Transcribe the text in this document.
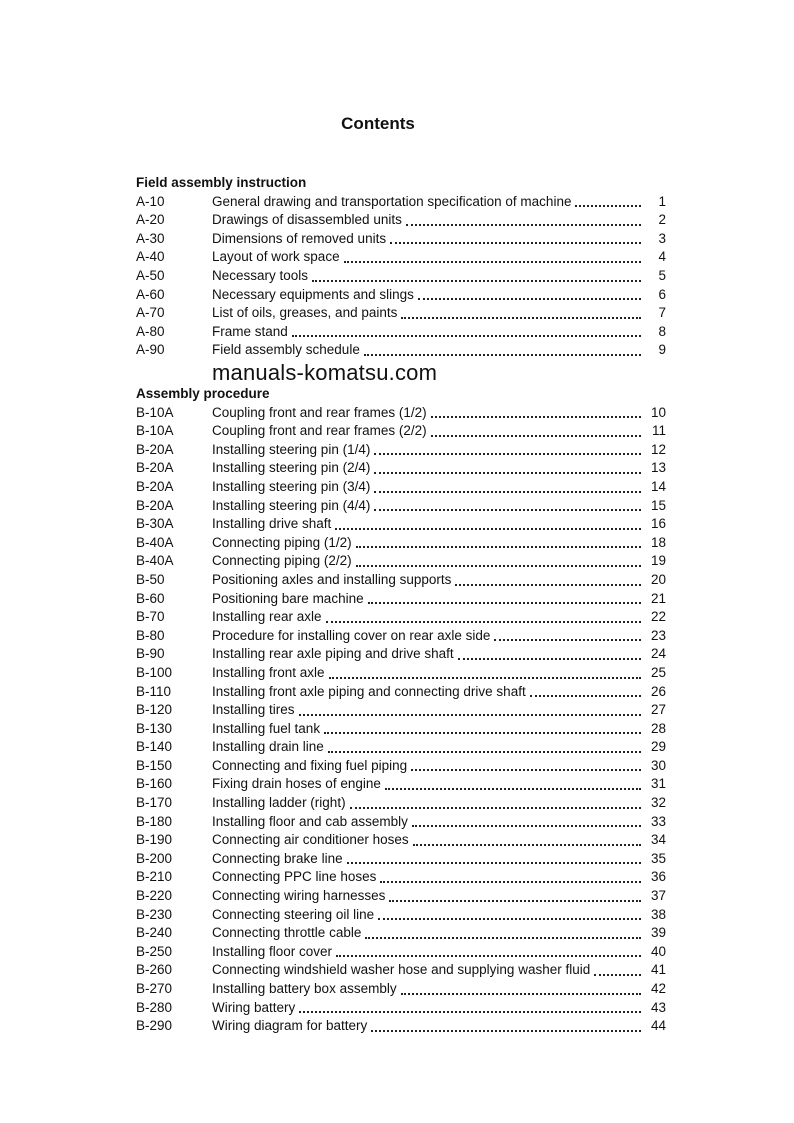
Contents
Field assembly instruction
A-10	General drawing and transportation specification of machine	1
A-20	Drawings of disassembled units	2
A-30	Dimensions of removed units	3
A-40	Layout of work space	4
A-50	Necessary tools	5
A-60	Necessary equipments and slings	6
A-70	List of oils, greases, and paints	7
A-80	Frame stand	8
A-90	Field assembly schedule	9
manuals-komatsu.com
Assembly procedure
B-10A	Coupling front and rear frames (1/2)	10
B-10A	Coupling front and rear frames (2/2)	11
B-20A	Installing steering pin (1/4)	12
B-20A	Installing steering pin (2/4)	13
B-20A	Installing steering pin (3/4)	14
B-20A	Installing steering pin (4/4)	15
B-30A	Installing drive shaft	16
B-40A	Connecting piping (1/2)	18
B-40A	Connecting piping (2/2)	19
B-50	Positioning axles and installing supports	20
B-60	Positioning bare machine	21
B-70	Installing rear axle	22
B-80	Procedure for installing cover on rear axle side	23
B-90	Installing rear axle piping and drive shaft	24
B-100	Installing front axle	25
B-110	Installing front axle piping and connecting drive shaft	26
B-120	Installing tires	27
B-130	Installing fuel tank	28
B-140	Installing drain line	29
B-150	Connecting and fixing fuel piping	30
B-160	Fixing drain hoses of engine	31
B-170	Installing ladder (right)	32
B-180	Installing floor and cab assembly	33
B-190	Connecting air conditioner hoses	34
B-200	Connecting brake line	35
B-210	Connecting PPC line hoses	36
B-220	Connecting wiring harnesses	37
B-230	Connecting steering oil line	38
B-240	Connecting throttle cable	39
B-250	Installing floor cover	40
B-260	Connecting windshield washer hose and supplying washer fluid	41
B-270	Installing battery box assembly	42
B-280	Wiring battery	43
B-290	Wiring diagram for battery	44
